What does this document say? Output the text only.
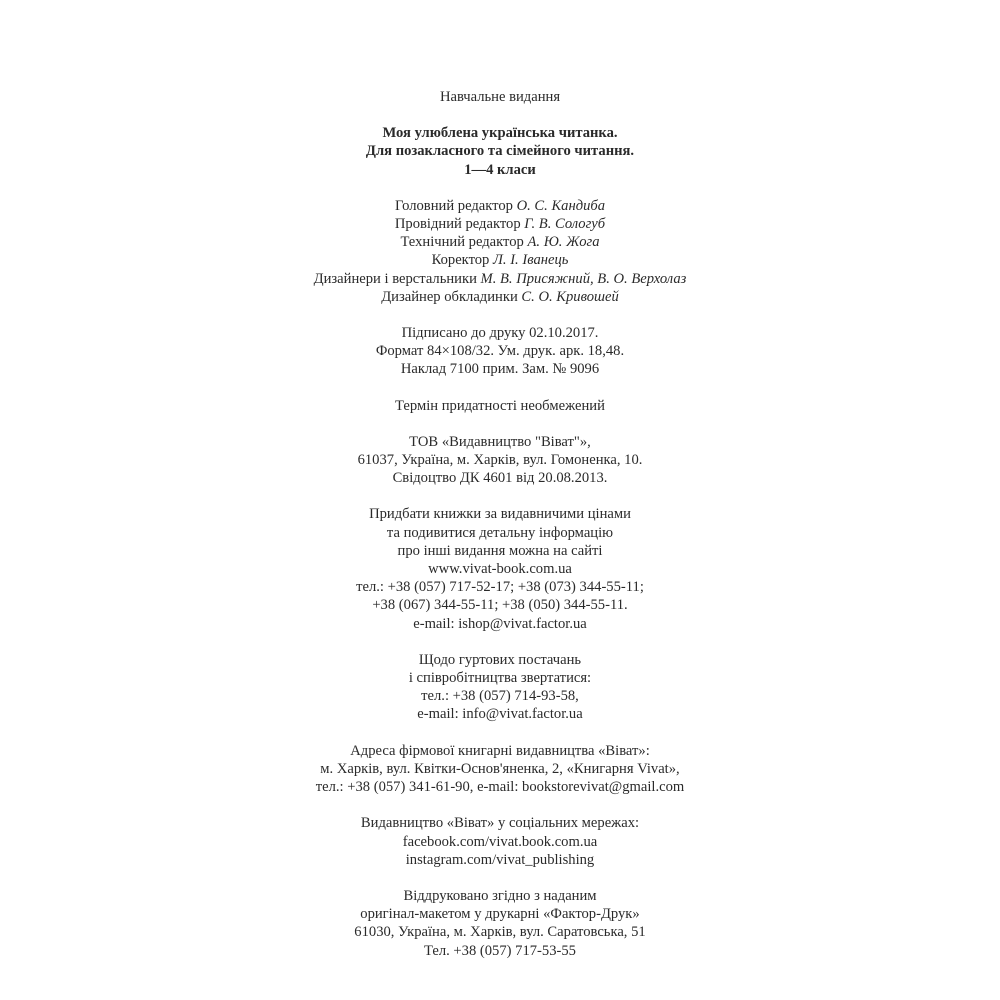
Навчальне видання
Моя улюблена українська читанка.
Для позакласного та сімейного читання.
1—4 класи
Головний редактор О. С. Кандиба
Провідний редактор Г. В. Сологуб
Технічний редактор А. Ю. Жога
Коректор Л. І. Іванець
Дизайнери і верстальники М. В. Присяжний, В. О. Верхолаз
Дизайнер обкладинки С. О. Кривошей
Підписано до друку 02.10.2017.
Формат 84×108/32. Ум. друк. арк. 18,48.
Наклад 7100 прим. Зам. № 9096
Термін придатності необмежений
ТОВ «Видавництво "Віват"»,
61037, Україна, м. Харків, вул. Гомоненка, 10.
Свідоцтво ДК 4601 від 20.08.2013.
Придбати книжки за видавничими цінами
та подивитися детальну інформацію
про інші видання можна на сайті
www.vivat-book.com.ua
тел.: +38 (057) 717-52-17; +38 (073) 344-55-11;
+38 (067) 344-55-11; +38 (050) 344-55-11.
e-mail: ishop@vivat.factor.ua
Щодо гуртових постачань
і співробітництва звертатися:
тел.: +38 (057) 714-93-58,
e-mail: info@vivat.factor.ua
Адреса фірмової книгарні видавництва «Віват»:
м. Харків, вул. Квітки-Основ'яненка, 2, «Книгарня Vivat»,
тел.: +38 (057) 341-61-90, e-mail: bookstorevivat@gmail.com
Видавництво «Віват» у соціальних мережах:
facebook.com/vivat.book.com.ua
instagram.com/vivat_publishing
Віддруковано згідно з наданим
оригінал-макетом у друкарні «Фактор-Друк»
61030, Україна, м. Харків, вул. Саратовська, 51
Тел. +38 (057) 717-53-55
